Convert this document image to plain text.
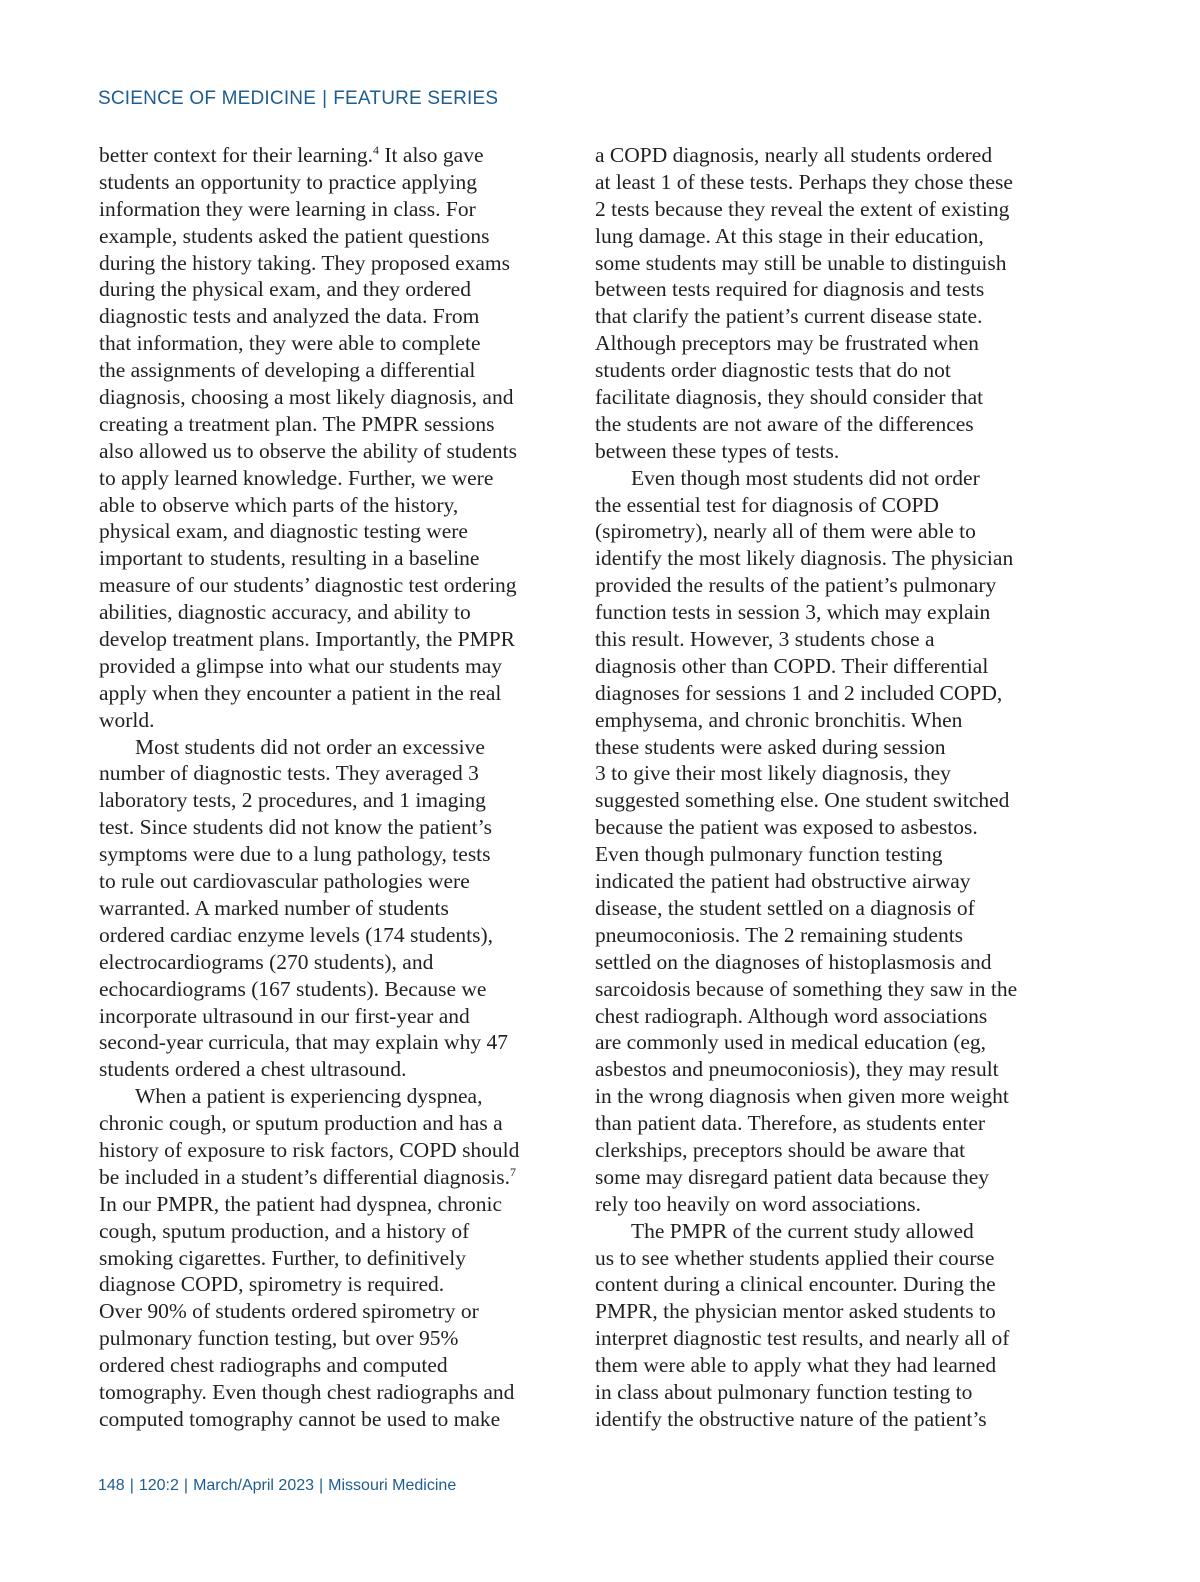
SCIENCE OF MEDICINE | FEATURE SERIES
better context for their learning.$^4$ It also gave
students an opportunity to practice applying
information they were learning in class. For
example, students asked the patient questions
during the history taking. They proposed exams
during the physical exam, and they ordered
diagnostic tests and analyzed the data. From
that information, they were able to complete
the assignments of developing a differential
diagnosis, choosing a most likely diagnosis, and
creating a treatment plan. The PMPR sessions
also allowed us to observe the ability of students
to apply learned knowledge. Further, we were
able to observe which parts of the history,
physical exam, and diagnostic testing were
important to students, resulting in a baseline
measure of our students’ diagnostic test ordering
abilities, diagnostic accuracy, and ability to
develop treatment plans. Importantly, the PMPR
provided a glimpse into what our students may
apply when they encounter a patient in the real
world.
Most students did not order an excessive
number of diagnostic tests. They averaged 3
laboratory tests, 2 procedures, and 1 imaging
test. Since students did not know the patient’s
symptoms were due to a lung pathology, tests
to rule out cardiovascular pathologies were
warranted. A marked number of students
ordered cardiac enzyme levels (174 students),
electrocardiograms (270 students), and
echocardiograms (167 students). Because we
incorporate ultrasound in our first-year and
second-year curricula, that may explain why 47
students ordered a chest ultrasound.
When a patient is experiencing dyspnea,
chronic cough, or sputum production and has a
history of exposure to risk factors, COPD should
be included in a student’s differential diagnosis.$^7$
In our PMPR, the patient had dyspnea, chronic
cough, sputum production, and a history of
smoking cigarettes. Further, to definitively
diagnose COPD, spirometry is required.
Over 90% of students ordered spirometry or
pulmonary function testing, but over 95%
ordered chest radiographs and computed
tomography. Even though chest radiographs and
computed tomography cannot be used to make
a COPD diagnosis, nearly all students ordered
at least 1 of these tests. Perhaps they chose these
2 tests because they reveal the extent of existing
lung damage. At this stage in their education,
some students may still be unable to distinguish
between tests required for diagnosis and tests
that clarify the patient’s current disease state.
Although preceptors may be frustrated when
students order diagnostic tests that do not
facilitate diagnosis, they should consider that
the students are not aware of the differences
between these types of tests.
Even though most students did not order
the essential test for diagnosis of COPD
(spirometry), nearly all of them were able to
identify the most likely diagnosis. The physician
provided the results of the patient’s pulmonary
function tests in session 3, which may explain
this result. However, 3 students chose a
diagnosis other than COPD. Their differential
diagnoses for sessions 1 and 2 included COPD,
emphysema, and chronic bronchitis. When
these students were asked during session
3 to give their most likely diagnosis, they
suggested something else. One student switched
because the patient was exposed to asbestos.
Even though pulmonary function testing
indicated the patient had obstructive airway
disease, the student settled on a diagnosis of
pneumoconiosis. The 2 remaining students
settled on the diagnoses of histoplasmosis and
sarcoidosis because of something they saw in the
chest radiograph. Although word associations
are commonly used in medical education (eg,
asbestos and pneumoconiosis), they may result
in the wrong diagnosis when given more weight
than patient data. Therefore, as students enter
clerkships, preceptors should be aware that
some may disregard patient data because they
rely too heavily on word associations.
The PMPR of the current study allowed
us to see whether students applied their course
content during a clinical encounter. During the
PMPR, the physician mentor asked students to
interpret diagnostic test results, and nearly all of
them were able to apply what they had learned
in class about pulmonary function testing to
identify the obstructive nature of the patient’s
148 | 120:2 | March/April 2023 | Missouri Medicine
